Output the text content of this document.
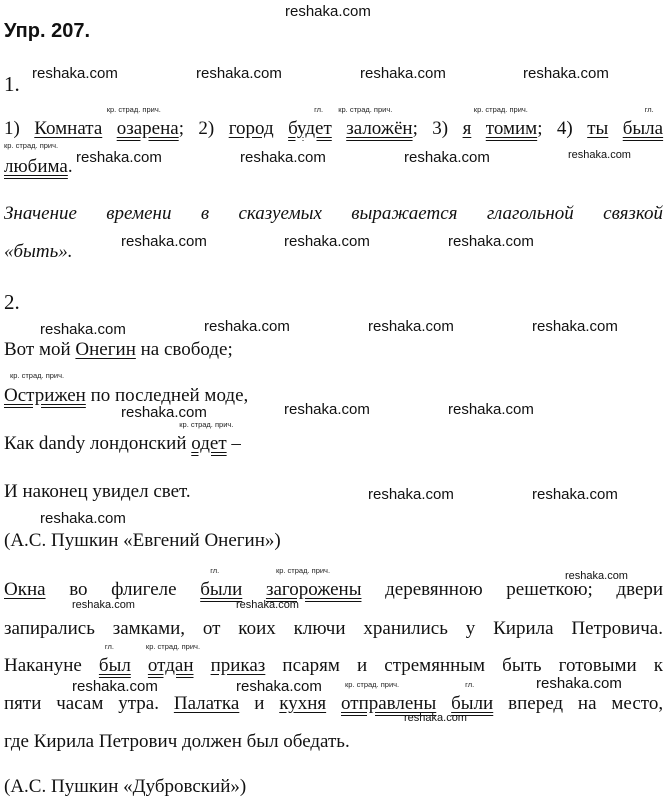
reshaka.com
Упр. 207.
1. reshaka.com	reshaka.com	reshaka.com	reshaka.com
1) Комната
кр. страд. прич.
озарена; 2) город
гл.
будет
кр. страд. прич.
заложён; 3) я
кр. страд. прич.
томим; 4) ты
гл.
была
кр. страд. прич.
любима. reshaka.com	reshaka.com	reshaka.com	reshaka.com
Значение времени в сказуемых выражается глагольной связкой
reshaka.com	reshaka.com	reshaka.com
«быть».
2.
reshaka.com	reshaka.com	reshaka.com	reshaka.com
Вот мой Онегин на свободе;
кр. страд. прич.
Острижен по последней моде,
reshaka.com	reshaka.com	reshaka.com
Как dandy лондонский
кр. страд. прич.
одет –
И наконец увидел свет.	reshaka.com	reshaka.com
reshaka.com
(А.С. Пушкин «Евгений Онегин»)
reshaka.com
Окна во флигеле
гл.
были
кр. страд. прич.
загорожены деревянною решеткою; двери
reshaka.com	reshaka.com
запирались замками, от коих ключи хранились у Кирила Петровича.
Накануне
гл.
был
кр. страд. прич.
отдан приказ псарям и стремянным быть готовыми к
reshaka.com	reshaka.com	reshaka.com
пяти часам утра. Палатка и кухня
кр. страд. прич.
отправлены
гл.
были вперед на место,
reshaka.com
где Кирила Петрович должен был обедать.
(А.С. Пушкин «Дубровский»)
